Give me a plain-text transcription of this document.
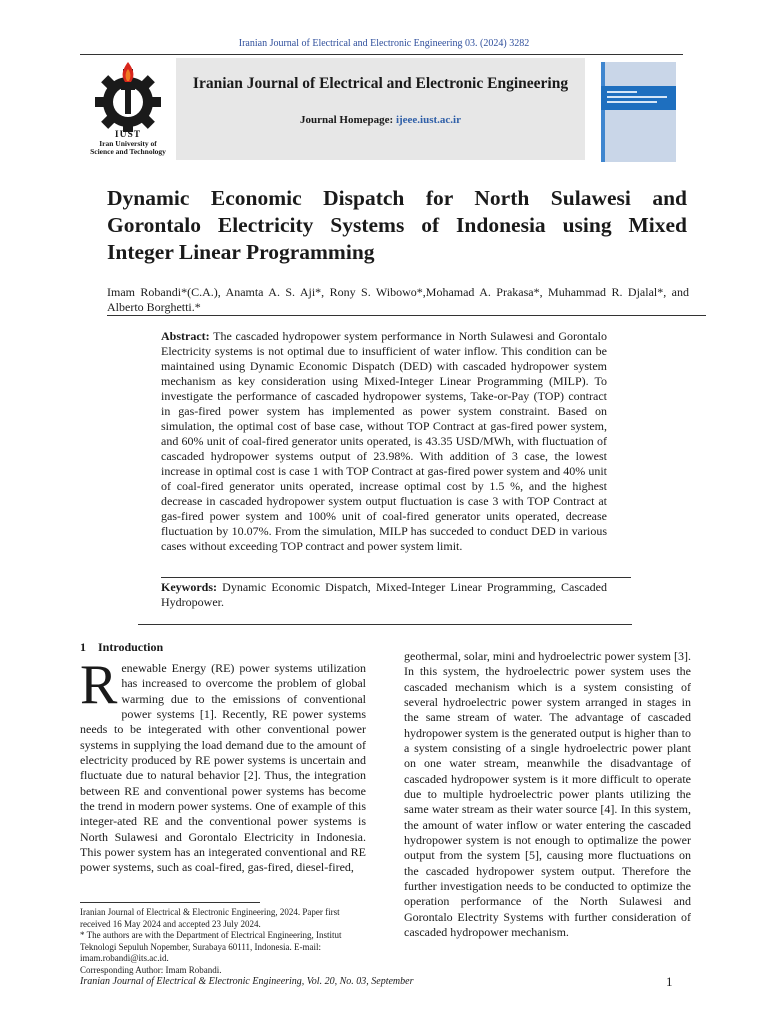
Iranian Journal of Electrical and Electronic Engineering 03. (2024) 3282
IUST
Iran University of
Science and Technology
Iranian Journal of Electrical and Electronic Engineering
Journal Homepage: ijeee.iust.ac.ir
Dynamic Economic Dispatch for North Sulawesi and Gorontalo Electricity Systems of Indonesia using Mixed Integer Linear Programming

Imam Robandi*(C.A.), Anamta A. S. Aji*, Rony S. Wibowo*,Mohamad A. Prakasa*, Muhammad R. Djalal*, and Alberto Borghetti.*

Abstract: The cascaded hydropower system performance in North Sulawesi and Gorontalo Electricity systems is not optimal due to insufficient of water inflow. This condition can be maintained using Dynamic Economic Dispatch (DED) with cascaded hydropower system mechanism as key consideration using Mixed-Integer Linear Programming (MILP). To investigate the performance of cascaded hydropower systems, Take-or-Pay (TOP) contract in gas-fired power system has implemented as power system constraint. Based on simulation, the optimal cost of base case, without TOP Contract at gas-fired power system, and 60% unit of coal-fired generator units operated, is 43.35 USD/MWh, with fluctuation of cascaded hydropower systems output of 23.98%. With addition of 3 case, the lowest increase in optimal cost is case 1 with TOP Contract at gas-fired power system and 40% unit of coal-fired generator units operated, increase optimal cost by 1.5 %, and the highest decrease in cascaded hydropower system output fluctuation is case 3 with TOP Contract at gas-fired power system and 100% unit of coal-fired generator units operated, decrease fluctuation by 10.07%. From the simulation, MILP has succeded to conduct DED in various cases without exceeding TOP contract and power system limit.

Keywords: Dynamic Economic Dispatch, Mixed-Integer Linear Programming, Cascaded Hydropower.

1 Introduction

Renewable Energy (RE) power systems utilization has increased to overcome the problem of global warming due to the emissions of conventional power systems [1]. Recently, RE power systems needs to be integerated with other conventional power systems in supplying the load demand due to the amount of electricity produced by RE power systems is uncertain and fluctuate due to natural behavior [2]. Thus, the integration between RE and conventional power systems has become the trend in modern power systems. One of example of this integer-ated RE and the conventional power systems is North Sulawesi and Gorontalo Electricity in Indonesia. This power system has an integerated conventional and RE power systems, such as coal-fired, gas-fired, diesel-fired,

geothermal, solar, mini and hydroelectric power system [3]. In this system, the hydroelectric power system uses the cascaded mechanism which is a system consisting of several hydroelectric power system arranged in stages in the same stream of water. The advantage of cascaded hydropower system is the generated output is higher than to a system consisting of a single hydroelectric power plant on one water stream, meanwhile the disadvantage of cascaded hydropower system is it more difficult to operate due to multiple hydroelectric power plants utilizing the same water stream as their water source [4]. In this system, the amount of water inflow or water entering the cascaded hydropower system is not enough to optimalize the power output from the system [5], causing more fluctuations on the cascaded hydropower system output. Therefore the further investigation needs to be conducted to optimize the operation performance of the North Sulawesi and Gorontalo Electrity Systems with further consideration of cascaded hydropower mechanism.

Iranian Journal of Electrical & Electronic Engineering, 2024. Paper first received 16 May 2024 and accepted 23 July 2024.
* The authors are with the Department of Electrical Engineering, Institut Teknologi Sepuluh Nopember, Surabaya 60111, Indonesia. E-mail: imam.robandi@its.ac.id.
Corresponding Author: Imam Robandi.
Iranian Journal of Electrical & Electronic Engineering, Vol. 20, No. 03, September	1
